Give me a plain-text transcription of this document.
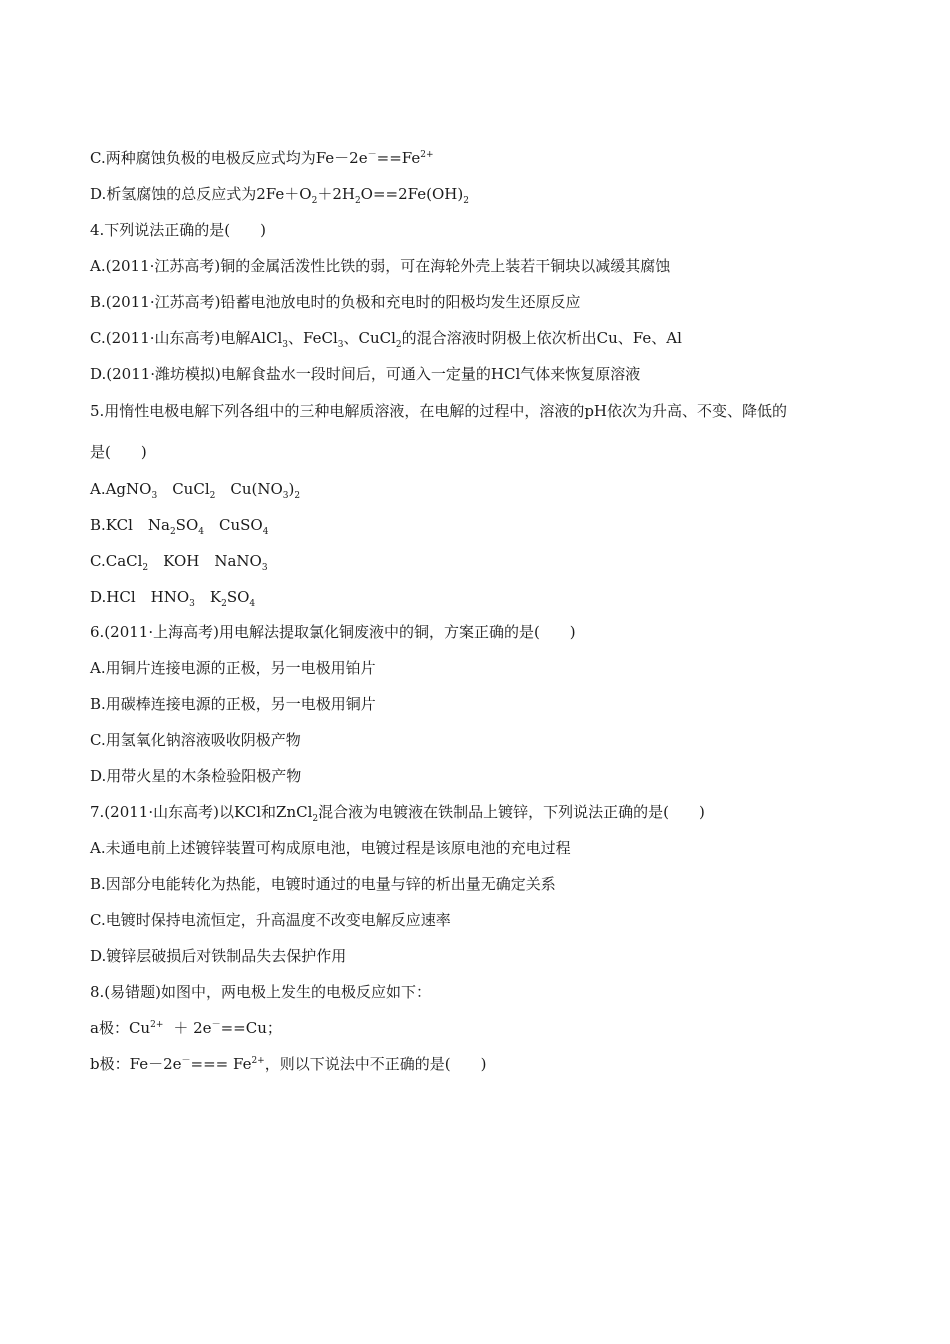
C.两种腐蚀负极的电极反应式均为$Fe-2e^-==Fe^{2+}$
D.析氢腐蚀的总反应式为$2Fe+O_2+2H_2O==2Fe(OH)_2$
4.下列说法正确的是(　　)
A.(2011·江苏高考)铜的金属活泼性比铁的弱，可在海轮外壳上装若干铜块以减缓其腐蚀
B.(2011·江苏高考)铅蓄电池放电时的负极和充电时的阳极均发生还原反应
C.(2011·山东高考)电解AlCl$_3$、FeCl$_3$、CuCl$_2$的混合溶液时阴极上依次析出Cu、Fe、Al
D.(2011·潍坊模拟)电解食盐水一段时间后，可通入一定量的HCl气体来恢复原溶液
5.用惰性电极电解下列各组中的三种电解质溶液，在电解的过程中，溶液的pH依次为升高、不变、降低的
是(　　)
A.AgNO$_3$　CuCl$_2$　$Cu(NO_3)_2$
B.KCl　$Na_2SO_4$　CuSO$_4$
C.CaCl$_2$　KOH　NaNO$_3$
D.HCl　$HNO_3$　$K_2SO_4$
6.(2011·上海高考)用电解法提取氯化铜废液中的铜，方案正确的是(　　)
A.用铜片连接电源的正极，另一电极用铂片
B.用碳棒连接电源的正极，另一电极用铜片
C.用氢氧化钠溶液吸收阴极产物
D.用带火星的木条检验阳极产物
7.(2011·山东高考)以KCl和ZnCl$_2$混合液为电镀液在铁制品上镀锌，下列说法正确的是(　　)
A.未通电前上述镀锌装置可构成原电池，电镀过程是该原电池的充电过程
B.因部分电能转化为热能，电镀时通过的电量与锌的析出量无确定关系
C.电镀时保持电流恒定，升高温度不改变电解反应速率
D.镀锌层破损后对铁制品失去保护作用
8.(易错题)如图中，两电极上发生的电极反应如下：
a极：$Cu^{2+} + 2e^-==Cu$；
b极：$Fe-2e^-=== Fe^{2+}$，则以下说法中不正确的是(　　)
